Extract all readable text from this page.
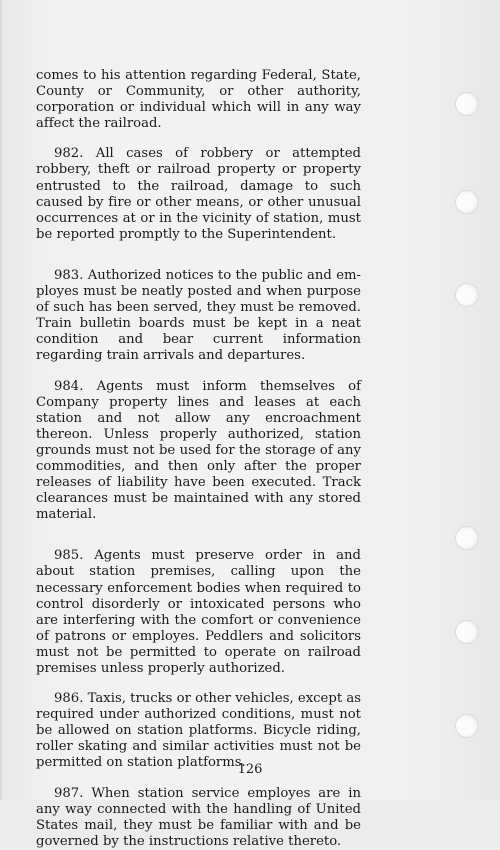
comes to his attention regarding Federal, State, County or Community, or other authority, corporation or individual which will in any way affect the railroad.

982. All cases of robbery or attempted robbery, theft or railroad property or property entrusted to the railroad, damage to such caused by fire or other means, or other unusual occurrences at or in the vicinity of station, must be reported promptly to the Superintendent.

983. Authorized notices to the public and employes must be neatly posted and when purpose of such has been served, they must be removed. Train bulletin boards must be kept in a neat condition and bear current information regarding train arrivals and departures.

984. Agents must inform themselves of Company property lines and leases at each station and not allow any encroachment thereon. Unless properly authorized, station grounds must not be used for the storage of any commodities, and then only after the proper releases of liability have been executed. Track clearances must be maintained with any stored material.

985. Agents must preserve order in and about station premises, calling upon the necessary enforcement bodies when required to control disorderly or intoxicated persons who are interfering with the comfort or convenience of patrons or employes. Peddlers and solicitors must not be permitted to operate on railroad premises unless properly authorized.

986. Taxis, trucks or other vehicles, except as required under authorized conditions, must not be allowed on station platforms. Bicycle riding, roller skating and similar activities must not be permitted on station platforms.

987. When station service employes are in any way connected with the handling of United States mail, they must be familiar with and be governed by the instructions relative thereto.

126
